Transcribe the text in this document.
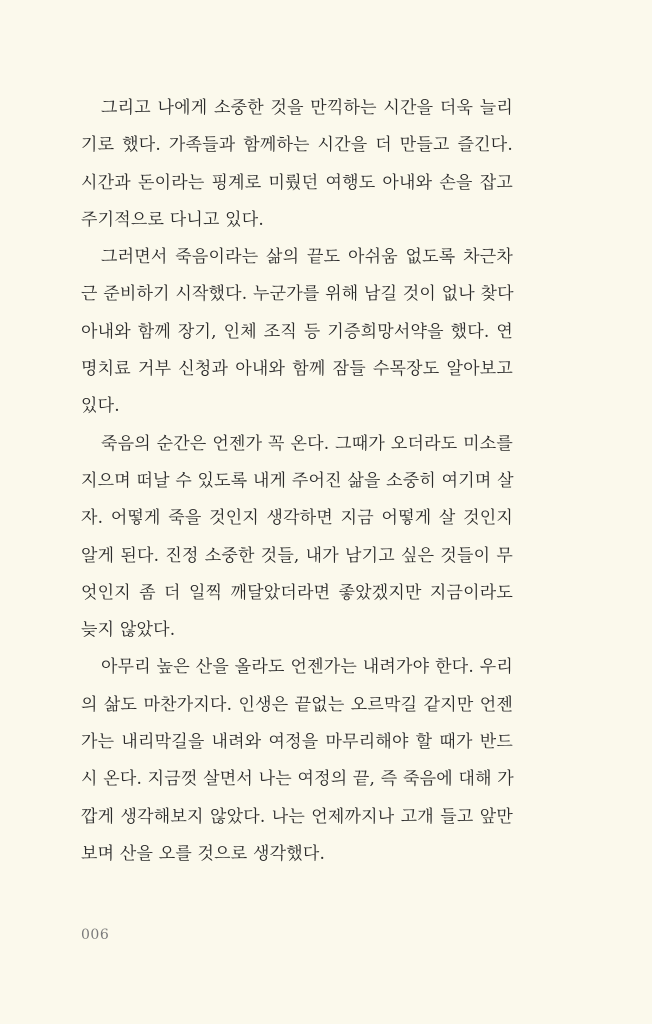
그리고 나에게 소중한 것을 만끽하는 시간을 더욱 늘리
기로 했다. 가족들과 함께하는 시간을 더 만들고 즐긴다.
시간과 돈이라는 핑계로 미뤘던 여행도 아내와 손을 잡고
주기적으로 다니고 있다.
그러면서 죽음이라는 삶의 끝도 아쉬움 없도록 차근차
근 준비하기 시작했다. 누군가를 위해 남길 것이 없나 찾다
아내와 함께 장기, 인체 조직 등 기증희망서약을 했다. 연
명치료 거부 신청과 아내와 함께 잠들 수목장도 알아보고
있다.
죽음의 순간은 언젠가 꼭 온다. 그때가 오더라도 미소를
지으며 떠날 수 있도록 내게 주어진 삶을 소중히 여기며 살
자. 어떻게 죽을 것인지 생각하면 지금 어떻게 살 것인지
알게 된다. 진정 소중한 것들, 내가 남기고 싶은 것들이 무
엇인지 좀 더 일찍 깨달았더라면 좋았겠지만 지금이라도
늦지 않았다.
아무리 높은 산을 올라도 언젠가는 내려가야 한다. 우리
의 삶도 마찬가지다. 인생은 끝없는 오르막길 같지만 언젠
가는 내리막길을 내려와 여정을 마무리해야 할 때가 반드
시 온다. 지금껏 살면서 나는 여정의 끝, 즉 죽음에 대해 가
깝게 생각해보지 않았다. 나는 언제까지나 고개 들고 앞만
보며 산을 오를 것으로 생각했다.
006
